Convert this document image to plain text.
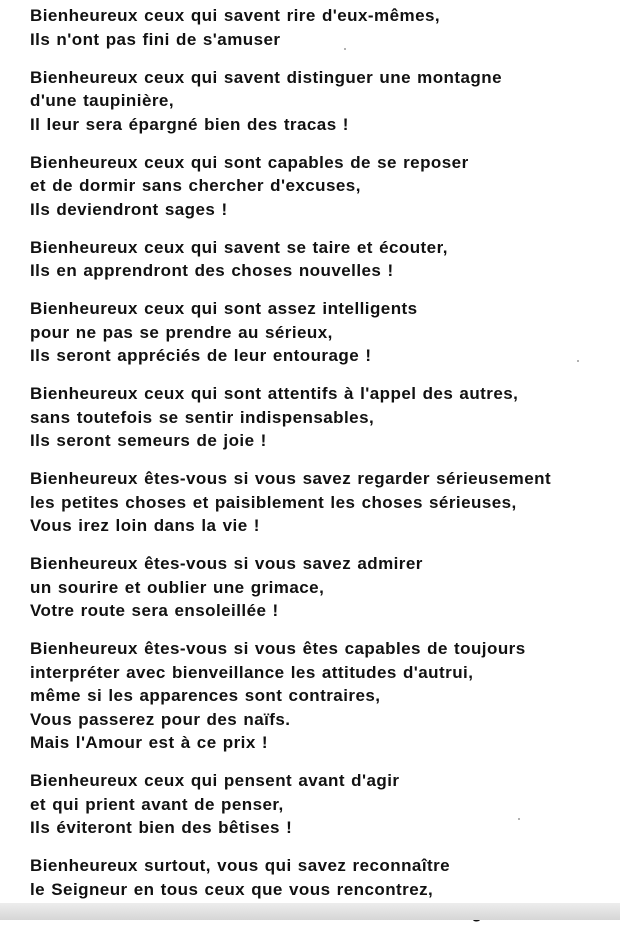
Bienheureux ceux qui savent rire d'eux-mêmes,
Ils n'ont pas fini de s'amuser
Bienheureux ceux qui savent distinguer une montagne
d'une taupinière,
Il leur sera épargné bien des tracas !
Bienheureux ceux qui sont capables de se reposer
et de dormir sans chercher d'excuses,
Ils deviendront sages !
Bienheureux ceux qui savent se taire et écouter,
Ils en apprendront des choses nouvelles !
Bienheureux ceux qui sont assez intelligents
pour ne pas se prendre au sérieux,
Ils seront appréciés de leur entourage !
Bienheureux ceux qui sont attentifs à l'appel des autres,
sans toutefois se sentir indispensables,
Ils seront semeurs de joie !
Bienheureux êtes-vous si vous savez regarder sérieusement
les petites choses et paisiblement les choses sérieuses,
Vous irez loin dans la vie !
Bienheureux êtes-vous si vous savez admirer
un sourire et oublier une grimace,
Votre route sera ensoleillée !
Bienheureux êtes-vous si vous êtes capables de toujours
interpréter avec bienveillance les attitudes d'autrui,
même si les apparences sont contraires,
Vous passerez pour des naïfs.
Mais l'Amour est à ce prix !
Bienheureux ceux qui pensent avant d'agir
et qui prient avant de penser,
Ils éviteront bien des bêtises !
Bienheureux surtout, vous qui savez reconnaître
le Seigneur en tous ceux que vous rencontrez,
